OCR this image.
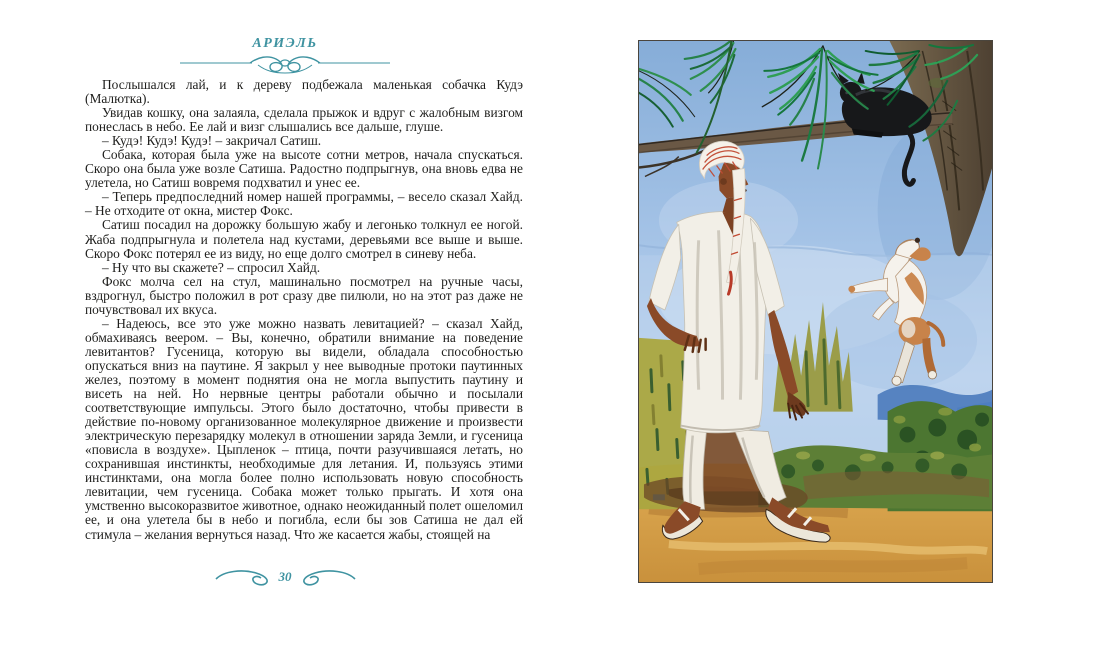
АРИЭЛЬ

Послышался лай, и к дереву подбежала маленькая собачка Кудэ (Малютка).

Увидав кошку, она залаяла, сделала прыжок и вдруг с жалобным визгом понеслась в небо. Ее лай и визг слышались все дальше, глуше.

– Кудэ! Кудэ! Кудэ! – закричал Сатиш.

Собака, которая была уже на высоте сотни метров, начала спускаться. Скоро она была уже возле Сатиша. Радостно подпрыгнув, она вновь едва не улетела, но Сатиш вовремя подхватил и унес ее.

– Теперь предпоследний номер нашей программы, – весело сказал Хайд. – Не отходите от окна, мистер Фокс.

Сатиш посадил на дорожку большую жабу и легонько толкнул ее ногой. Жаба подпрыгнула и полетела над кустами, деревьями все выше и выше. Скоро Фокс потерял ее из виду, но еще долго смотрел в синеву неба.

– Ну что вы скажете? – спросил Хайд.

Фокс молча сел на стул, машинально посмотрел на ручные часы, вздрогнул, быстро положил в рот сразу две пилюли, но на этот раз даже не почувствовал их вкуса.

– Надеюсь, все это уже можно назвать левитацией? – сказал Хайд, обмахиваясь веером. – Вы, конечно, обратили внимание на поведение левитантов? Гусеница, которую вы видели, обладала способностью опускаться вниз на паутине. Я закрыл у нее выводные протоки паутинных желез, поэтому в момент поднятия она не могла выпустить паутину и висеть на ней. Но нервные центры работали обычно и посылали соответствующие импульсы. Этого было достаточно, чтобы привести в действие по-новому организованное молекулярное движение и произвести электрическую перезарядку молекул в отношении заряда Земли, и гусеница «повисла в воздухе». Цыпленок – птица, почти разучившаяся летать, но сохранившая инстинкты, необходимые для летания. И, пользуясь этими инстинктами, она могла более полно использовать новую способность левитации, чем гусеница. Собака может только прыгать. И хотя она умственно высокоразвитое животное, однако неожиданный полет ошеломил ее, и она улетела бы в небо и погибла, если бы зов Сатиша не дал ей стимула – желания вернуться назад. Что же касается жабы, стоящей на

30
